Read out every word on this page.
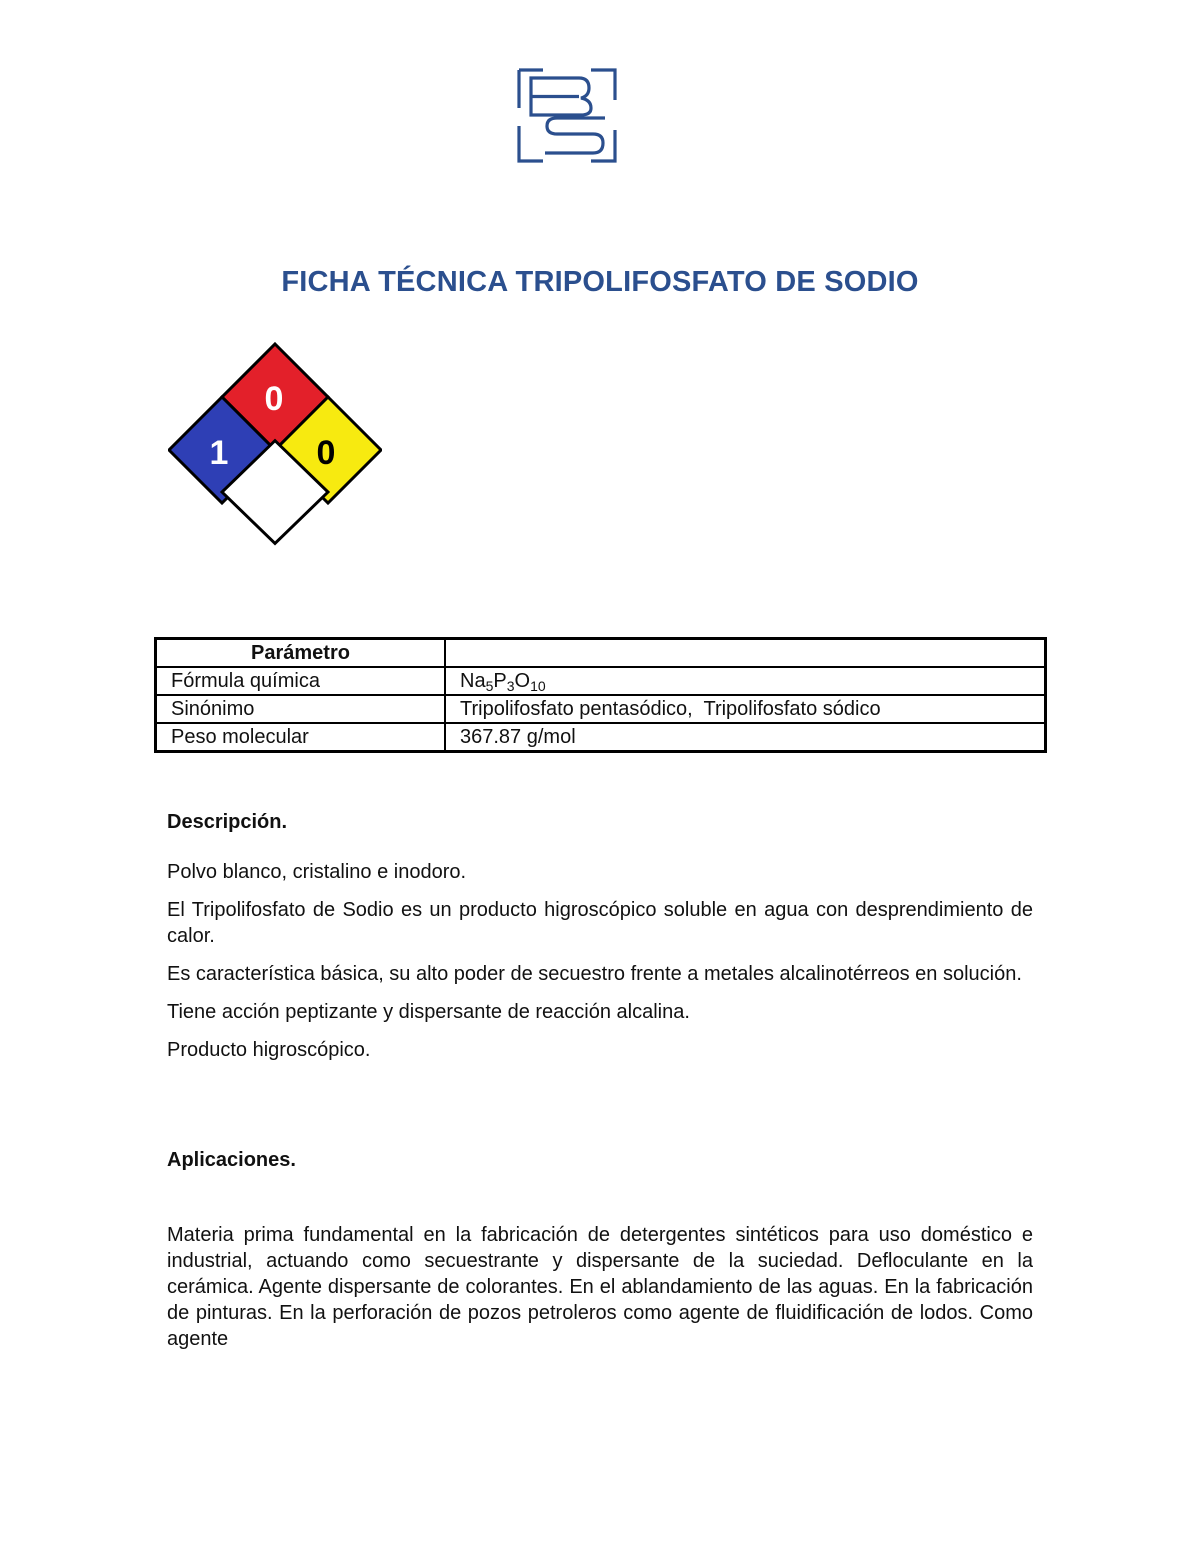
FICHA TÉCNICA TRIPOLIFOSFATO DE SODIO
0
1	0
Parámetro	
Fórmula química	$Na_5P_3O_{10}$
Sinónimo	Tripolifosfato pentasódico,  Tripolifosfato sódico
Peso molecular	367.87 g/mol
Descripción.

Polvo blanco, cristalino e inodoro.

El Tripolifosfato de Sodio es un producto higroscópico soluble en agua con desprendimiento de calor.

Es característica básica, su alto poder de secuestro frente a metales alcalinotérreos en solución.

Tiene acción peptizante y dispersante de reacción alcalina.

Producto higroscópico.

Aplicaciones.

Materia prima fundamental en la fabricación de detergentes sintéticos para uso doméstico e industrial, actuando como secuestrante y dispersante de la suciedad. Defloculante en la cerámica. Agente dispersante de colorantes. En el ablandamiento de las aguas. En la fabricación de pinturas. En la perforación de pozos petroleros como agente de fluidificación de lodos. Como agente
